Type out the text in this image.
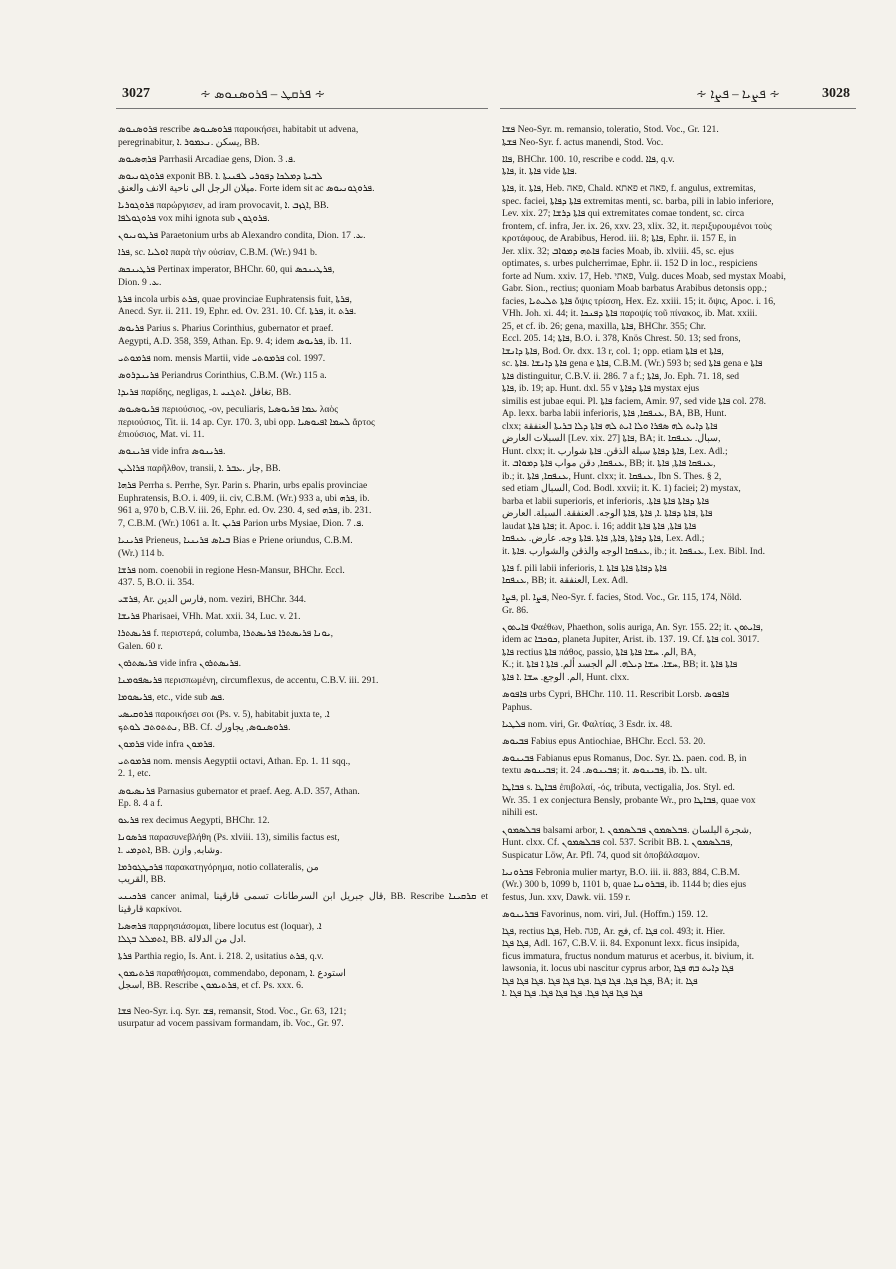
3027	∻ ܦܪܩܛ – ܦܪܘܣܢܘܣ ∻	∻ ܦܨܝܐ – ܦܨܐ ∻	3028
ܦܪܘܣܢܘܣ rescribe ܦܪܘܣܢܘܣ παροικήσει, habitabit ut advena,
peregrinabitur, يسكن .ܢܥܡܘܪ .ܐ, BB.
ܦܪܗܣܝܘܣ Parrhasii Arcadiae gens, Dion. ܦ. 3.
ܦܪܘܓܘܢܝܘܣ exponit BB. ܠܒܝܬܐ ܕܡܠܟܐ ܕܦܘܪܝ ܠܦܢܝܬܐ .ܐ
ميلان الرجل الى ناحية الانف والعنق. Forte idem sit ac ܦܪܘܓܘܢܝܘܣ.
ܦܪܘܓܘܪܝܐ παρώργισεν, ad iram provocavit, ܐܓܙܒ .ܐ, BB.
ܦܪܘܓܘܠܦܐ vox mihi ignota sub ܦܪܘܓܘܢ.
ܦܪܛܘܢܝܘܢ Paraetonium urbs ab Alexandro condita, Dion. ܥ. 17.
ܦܪܐ, sc. ܐܘܠܝܐ παρὰ τὴν οὐσίαν, C.B.M. (Wr.) 941 b.
ܦܪܛܝܢܟܣ Pertinax imperator, BHChr. 60, qui ܦܪܛܝܢܟܣ,
Dion. ܥ. 9.
ܦܪܬܐ incola urbis ܦܪܬ, quae provinciae Euphratensis fuit, ܦܪܬܐ,
Anecd. Syr. ii. 211. 19, Ephr. ed. Ov. 231. 10. Cf. ܦܪܬܐ, it. ܦܪܬ.
ܦܪܝܘܣ Parius s. Pharius Corinthius, gubernator et praef.
Aegypti, A.D. 358, 359, Athan. Ep. 9. 4; idem ܦܪܝܘܣ, ib. 11.
ܦܪܡܘܬܝ nom. mensis Martii, vide ܦܪܡܘܬܝ col. 1997.
ܦܪܝܢܕܪܘܣ Periandrus Corinthius, C.B.M. (Wr.) 115 a.
ܦܪܝܕܐ παρίδης, negligas, تغافل .ܐܬܓܢܝ .ܐ, BB.
ܦܪܝܘܣܝܘܣ περιούσιος, -ον, peculiaris, ܥܡܐ ܦܪܝܘܣܝܐ λαὸς
περιούσιος, Tit. ii. 14 ap. Cyr. 170. 3, ubi opp. ܠܚܡܐ ܐܦܝܘܣܝܐ ἄρτος
ἐπιούσιος, Mat. vi. 11.
ܦܪܝܢܘܣ vide infra ܦܪܝܢܘܣ.
ܦܪܐܠܝܢ παρῆλθον, transii, جاز .ܥܒܪ .ܐ, BB.
ܦܪܗܐ Perrha s. Perrhe, Syr. Parin s. Pharin, urbs epalis provinciae
Euphratensis, B.O. i. 409, ii. civ, C.B.M. (Wr.) 933 a, ubi ܦܪܗ, ib.
961 a, 970 b, C.B.V. iii. 26, Ephr. ed. Ov. 230. 4, sed ܦܪܗ, ib. 231.
7, C.B.M. (Wr.) 1061 a. It. ܦܪܝܢ Parion urbs Mysiae, Dion. ܦ. 7.
ܦܪܝܢܝܐ Prieneus, ܒܝܐܣ ܦܪܝܢܝܐ Bias e Priene oriundus, C.B.M.
(Wr.) 114 b.
ܦܪܫܐ nom. coenobii in regione Hesn-Mansur, BHChr. Eccl.
437. 5, B.O. ii. 354.
ܦܪܫܝ, Ar. فارس الدين, nom. veziri, BHChr. 344.
ܦܪܝܫܐ Pharisaei, VHh. Mat. xxii. 34, Luc. v. 21.
ܦܪܝܣܬܪܐ f. περιστερά, columba, ܝܘܢܐ ܦܪܝܣܬܪܐ ܦܪܝܣܬܪܐ,
Galen. 60 r.
ܦܪܝܣܬܪܘܢ vide infra ܦܪܝܣܬܪܘܢ.
ܦܪܝܣܦܘܡܢܐ περισπωμένη, circumflexus, de accentu, C.B.V. iii. 291.
ܦܪܝܣܘܡܐ, etc., vide sub ܦܣ.
ܦܪܘܩܝܣܝ παροικήσει σοι (Ps. v. 5), habitabit juxta te, .ܐ
ܢܬܬܘܬܒ ܠܘܬܟ, BB. Cf. ܦܪܘܣܢܘܣ, يجاورك.
ܦܪܡܘܢ vide infra ܦܪܡܘܢ.
ܦܪܡܘܬܝ nom. mensis Aegyptii octavi, Athan. Ep. 1. 11 sqq.,
2. 1, etc.
ܦܪܢܣܝܘܣ Parnasius gubernator et praef. Aeg. A.D. 357, Athan.
Ep. 8. 4 a f.
ܦܪܥܘ rex decimus Aegypti, BHChr. 12.
ܦܪܣܘܢܐ παρασυνεβλήθη (Ps. xlviii. 13), similis factus est,
ܐܬܕܡܝ .ܐ, BB. وشابه, وازن.
ܦܪܟܛܓܘܪܡܐ παρακατηγόρημα, notio collateralis, من
القريب, BB.
ܦܪܟܝܢܝ cancer animal, قال جبريل ابن السرطانات تسمى قارقينا, BB. Rescribe ܩܪܩܝܢܐ et قارقينا καρκίνοι.
ܦܪܗܣܝܐ παρρησιάσομαι, libere locutus est (loquar), .ܐ
ܐܬܡܠܠ ܒܓܠܐ, BB. ادل من الدلالة.
ܦܪܬܐ Parthia regio, Is. Ant. i. 218. 2, usitatius ܦܪܬ, q.v.
ܦܪܬܝܡܘܢ παραθήσομαι, commendabo, deponam, استودع .ܐ
اسجل, BB. Rescribe ܦܪܬܝܡܘܢ, et cf. Ps. xxx. 6.
ܦܫܐ Neo-Syr. i.q. Syr. ܦܫ, remansit, Stod. Voc., Gr. 63, 121;
usurpatur ad vocem passivam formandam, ib. Voc., Gr. 97.
ܦܫܐ Neo-Syr. m. remansio, toleratio, Stod. Voc., Gr. 121.
ܦܫܬܐ Neo-Syr. f. actus manendi, Stod. Voc.
ܦܐܐ, BHChr. 100. 10, rescribe e codd. ܦܐܐ, q.v.
ܦܐܬܐ, it. ܦܐܬܐ vide ܦܐܬܐ.
ܦܐܬܐ, it. ܦܐܬܐ, Heb. פאה, Chald. פאתא et פאה, f. angulus, extremitas,
spec. faciei, ܦܐܬܐ ܕܦܐܬܐ extremitas menti, sc. barba, pili in labio inferiore,
Lev. xix. 27; ܦܐܬܐ ܕܪܫܐ qui extremitates comae tondent, sc. circa
frontem, cf. infra, Jer. ix. 26, xxv. 23, xlix. 32, it. περιξυρουμένοι τοὺς
κροτάφους, de Arabibus, Herod. iii. 8; ܦܐܬܐ, Ephr. ii. 157 E, in
Jer. xlix. 32; ܦܐܬܗ ܕܡܘܐܒ facies Moab, ib. xlviii. 45, sc. ejus
optimates, s. urbes pulcherrimae, Ephr. ii. 152 D in loc., respiciens
forte ad Num. xxiv. 17, Heb. פאתי, Vulg. duces Moab, sed mystax Moabi,
Gabr. Sion., rectius; quoniam Moab barbatus Arabibus detonsis opp.;
facies, ܦܐܬܐ ܬܠܝܬܝܐ ὄψις τρίσση, Hex. Ez. xxiii. 15; it. ὄψις, Apoc. i. 16,
VHh. Joh. xi. 44; it. ܦܐܬܐ ܕܦܢܟܐ παροψίς τοῦ πίνακος, ib. Mat. xxiii.
25, et cf. ib. 26; gena, maxilla, ܦܐܬܐ, BHChr. 355; Chr.
Eccl. 205. 14; ܦܐܬܐ, B.O. i. 378, Knös Chrest. 50. 13; sed frons,
ܦܐܬܐ ܕܐܢܫܐ, Bod. Or. dxx. 13 r, col. 1; opp. etiam ܦܐܬܐ et ܦܐܬܐ,
sc. ܦܐܬܐ ܕܐܢܫܐ .ܦܐܬܐ gena e ܦܐܬܐ, C.B.M. (Wr.) 593 b; sed ܦܐܬܐ gena e ܦܐܬܐ
ܦܐܬܐ distinguitur, C.B.V. ii. 286. 7 a f.; ܦܐܬܐ, Jo. Eph. 71. 18, sed
ܦܐܬܐ, ib. 19; ap. Hunt. dxl. 55 v ܦܐܬܐ ܕܦܐܬܐ mystax ejus
similis est jubae equi. Pl. ܦܐܬܐ faciem, Amir. 97, sed vide ܦܐܬܐ col. 278.
Ap. lexx. barba labii inferioris, ܥܢܦܩܐ, ܦܐܬܐ, BA, BB, Hunt.
clxx; ܦܐܬܐ ܕܐܝܬ ܠܗ ܣܦܪܐ ܘܠܐ ܐܝܬ ܠܗ ܦܐܬܐ ܕܠܐ ܒܪܝܬܐ العنفقة
السبلات العارض [Lev. xix. 27] ܦܐܬܐ, BA; it. سبال. ܥܢܦܩܐ,
Hunt. clxx; it. ܦܐܬܐ ܕܦܐܬܐ سبلة الذقن. ܦܐܬܐ شوارب, Lex. Adl.;
it. ܥܢܦܩܐ, دقن مواب ܦܐܬܐ ܕܡܘܐܒ, BB; it. ܥܢܦܩܐ ܦܐܬܐ, ܦܐܬܐ,
ib.; it. ܥܢܦܩܐ, ܦܐܬܐ, Hunt. clxx; it. ܥܢܦܩܐ, Ibn S. Thes. § 2,
sed etiam السبال, Cod. Bodl. xxvii; it. K. 1) faciei; 2) mystax,
barba et labii superioris, et inferioris, .ܦܐܬܐ ܕܦܐܬܐ ܦܐܬܐ ܦܐܬܐ
ܦܐܬܐ ,ܦܐܬܐ ܕܦܐܬܐ .ܐ, ܦܐܬܐ ,ܦܐܬܐ الوجه. العنفقة. السبلة. العارض
laudat ܦܐܬܐ ܦܐܬܐ; it. Apoc. i. 16; addit ܦܐܬܐ ܦܐܬܐ, ܦܐܬܐ ܦܐܬܐ
ܦܐܬܐ ܕܦܐܬܐ ,ܦܐܬܐ, ܦܐܬܐ .ܦܐܬܐ وجه. عارض. ܥܢܦܩܐ, Lex. Adl.;
it. ܥܢܦܩܐ الوجه والذقن والشوارب .ܦܐܬܐ, ib.; it. ܥܢܦܩܐ, Lex. Bibl. Ind.
ܦܐܬܐ f. pili labii inferioris, ܦܐܬܐ ܕܦܐܬܐ ܦܐܬܐ ܦܐܬܐ .ܐ
ܥܢܦܩܐ, BB; it. العنفقة, Lex. Adl.
ܦܨܐ, pl. ܦܨܐ, Neo-Syr. f. facies, Stod. Voc., Gr. 115, 174, Nöld.
Gr. 86.
ܦܐܝܬܘܢ Φαέθων, Phaethon, solis auriga, An. Syr. 155. 22; it. ܦܐܝܬܘܢ,
idem ac ܟܘܟܒܐ, planeta Jupiter, Arist. ib. 137. 19. Cf. ܦܐܬܐ col. 3017.
ܦܐܬܐ rectius ܦܐܬܐ πάθος, passio, الم. ܚܫܐ ܦܐܬܐ ܦܐܬܐ, BA,
K.; it. ܚܫܐ. ܚܫܐ ܕܝܠܗ. الم الجسد ألم. ܦܐܬܐ ܐ ܦܐܬܐ, BB; it. ܦܐܬܐ ܦܐܬܐ
الم. الوجع. ܚܫܐ .ܐ ܦܐܬܐ, Hunt. clxx.
ܦܐܦܘܣ urbs Cypri, BHChr. 110. 11. Rescribit Lorsb. ܦܐܦܘܣ
Paphus.
ܦܠܛܝܐ nom. viri, Gr. Φαλτίας, 3 Esdr. ix. 48.
ܦܒܝܘܣ Fabius epus Antiochiae, BHChr. Eccl. 53. 20.
ܦܒܝܢܘܣ Fabianus epus Romanus, Doc. Syr. ܠܐ. paen. cod. B, in
textu ܦܒܝܢܘܣ; it. ܦܒܝܢܘܣ. 24; it. ܦܒܝܢܘܣ, ib. ܠܐ. ult.
ܦܒܐܛܐ s. ܦܒܐܛܐ ἐπιβολαί, -ός, tributa, vectigalia, Jos. Styl. ed.
Wr. 35. 1 ex conjectura Bensly, probante Wr., pro ܦܒܐܛܐ, quae vox
nihili est.
ܦܒܠܣܡܘܢ balsami arbor, شجرة البلسان .ܦܒܠܣܡܘܢ ܦܒܠܣܡܘܢ .ܐ,
Hunt. clxx. Cf. ܦܒܠܣܡܘܢ col. 537. Scribit BB. ܦܒܠܣܡܘܢ .ܐ,
Suspicatur Löw, Ar. Pfl. 74, quod sit ὀποβάλσαμον.
ܦܒܪܘܢܝܐ Febronia mulier martyr, B.O. iii. ii. 883, 884, C.B.M.
(Wr.) 300 b, 1099 b, 1101 b, quae ܦܒܪܘܢܝܐ, ib. 1144 b; dies ejus
festus, Jun. xxv, Dawk. vii. 159 r.
ܦܒܪܝܢܘܣ Favorinus, nom. viri, Jul. (Hoffm.) 159. 12.
ܦܓܐ, rectius ܦܓܐ, Heb. פגה, Ar. فج, cf. ܦܓܐ col. 493; it. Hier.
ܦܓܐ ܦܓܐ, Adl. 167, C.B.V. ii. 84. Exponunt lexx. ficus insipida,
ficus immatura, fructus nondum maturus et acerbus, it. bivium, it.
lawsonia, it. locus ubi nascitur cyprus arbor, ܦܓܐ ܕܐܝܬ ܒܗ ܦܓܐ
ܦܓܐ ܦܓܐ. ܦܓܐ ܦܓܐ .ܦܓܐ ܦܓܐ ܦܓܐ .ܦܓܐ ܦܓܐ ܦܓܐ, BA; it. ܦܓܐ
ܦܓܐ ܦܓܐ ܦܓܐ ܦܓܐ. ܦܓܐ ܦܓܐ ܦܓܐ. ܦܓܐ ܦܓܐ .ܐ
